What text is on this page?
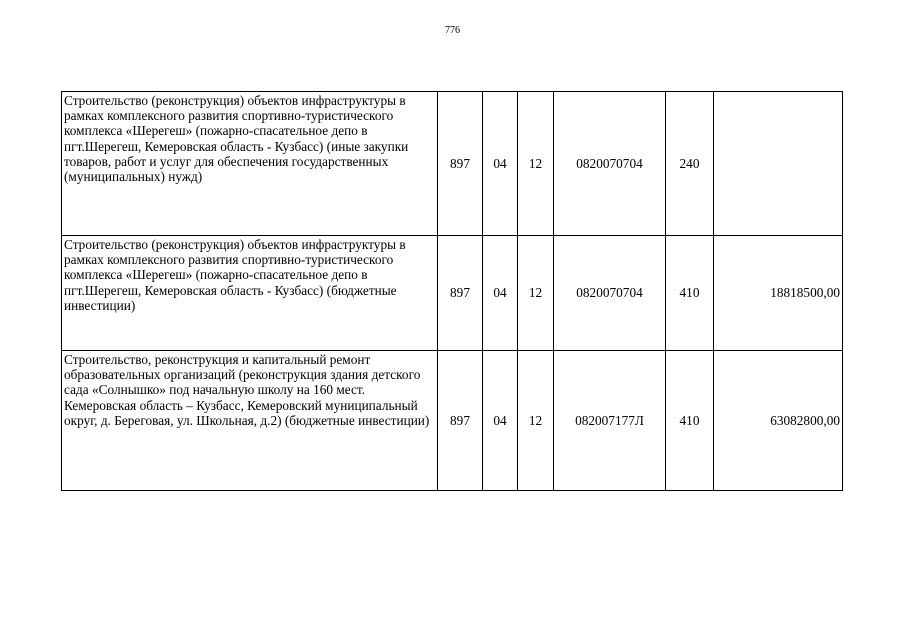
776
Строительство (реконструкция) объектов инфраструктуры в рамках комплексного развития спортивно-туристического комплекса «Шерегеш» (пожарно-спасательное депо в пгт.Шерегеш, Кемеровская область - Кузбасс) (иные закупки товаров, работ и услуг для обеспечения государственных (муниципальных) нужд)	897	04	12	0820070704	240	
Строительство (реконструкция) объектов инфраструктуры в рамках комплексного развития спортивно-туристического комплекса «Шерегеш» (пожарно-спасательное депо в пгт.Шерегеш, Кемеровская область - Кузбасс) (бюджетные инвестиции)	897	04	12	0820070704	410	18818500,00
Строительство, реконструкция и капитальный ремонт образовательных организаций (реконструкция здания детского сада «Солнышко» под начальную школу на 160 мест. Кемеровская область – Кузбасс, Кемеровский муниципальный округ, д. Береговая, ул. Школьная, д.2) (бюджетные инвестиции)	897	04	12	082007177Л	410	63082800,00
